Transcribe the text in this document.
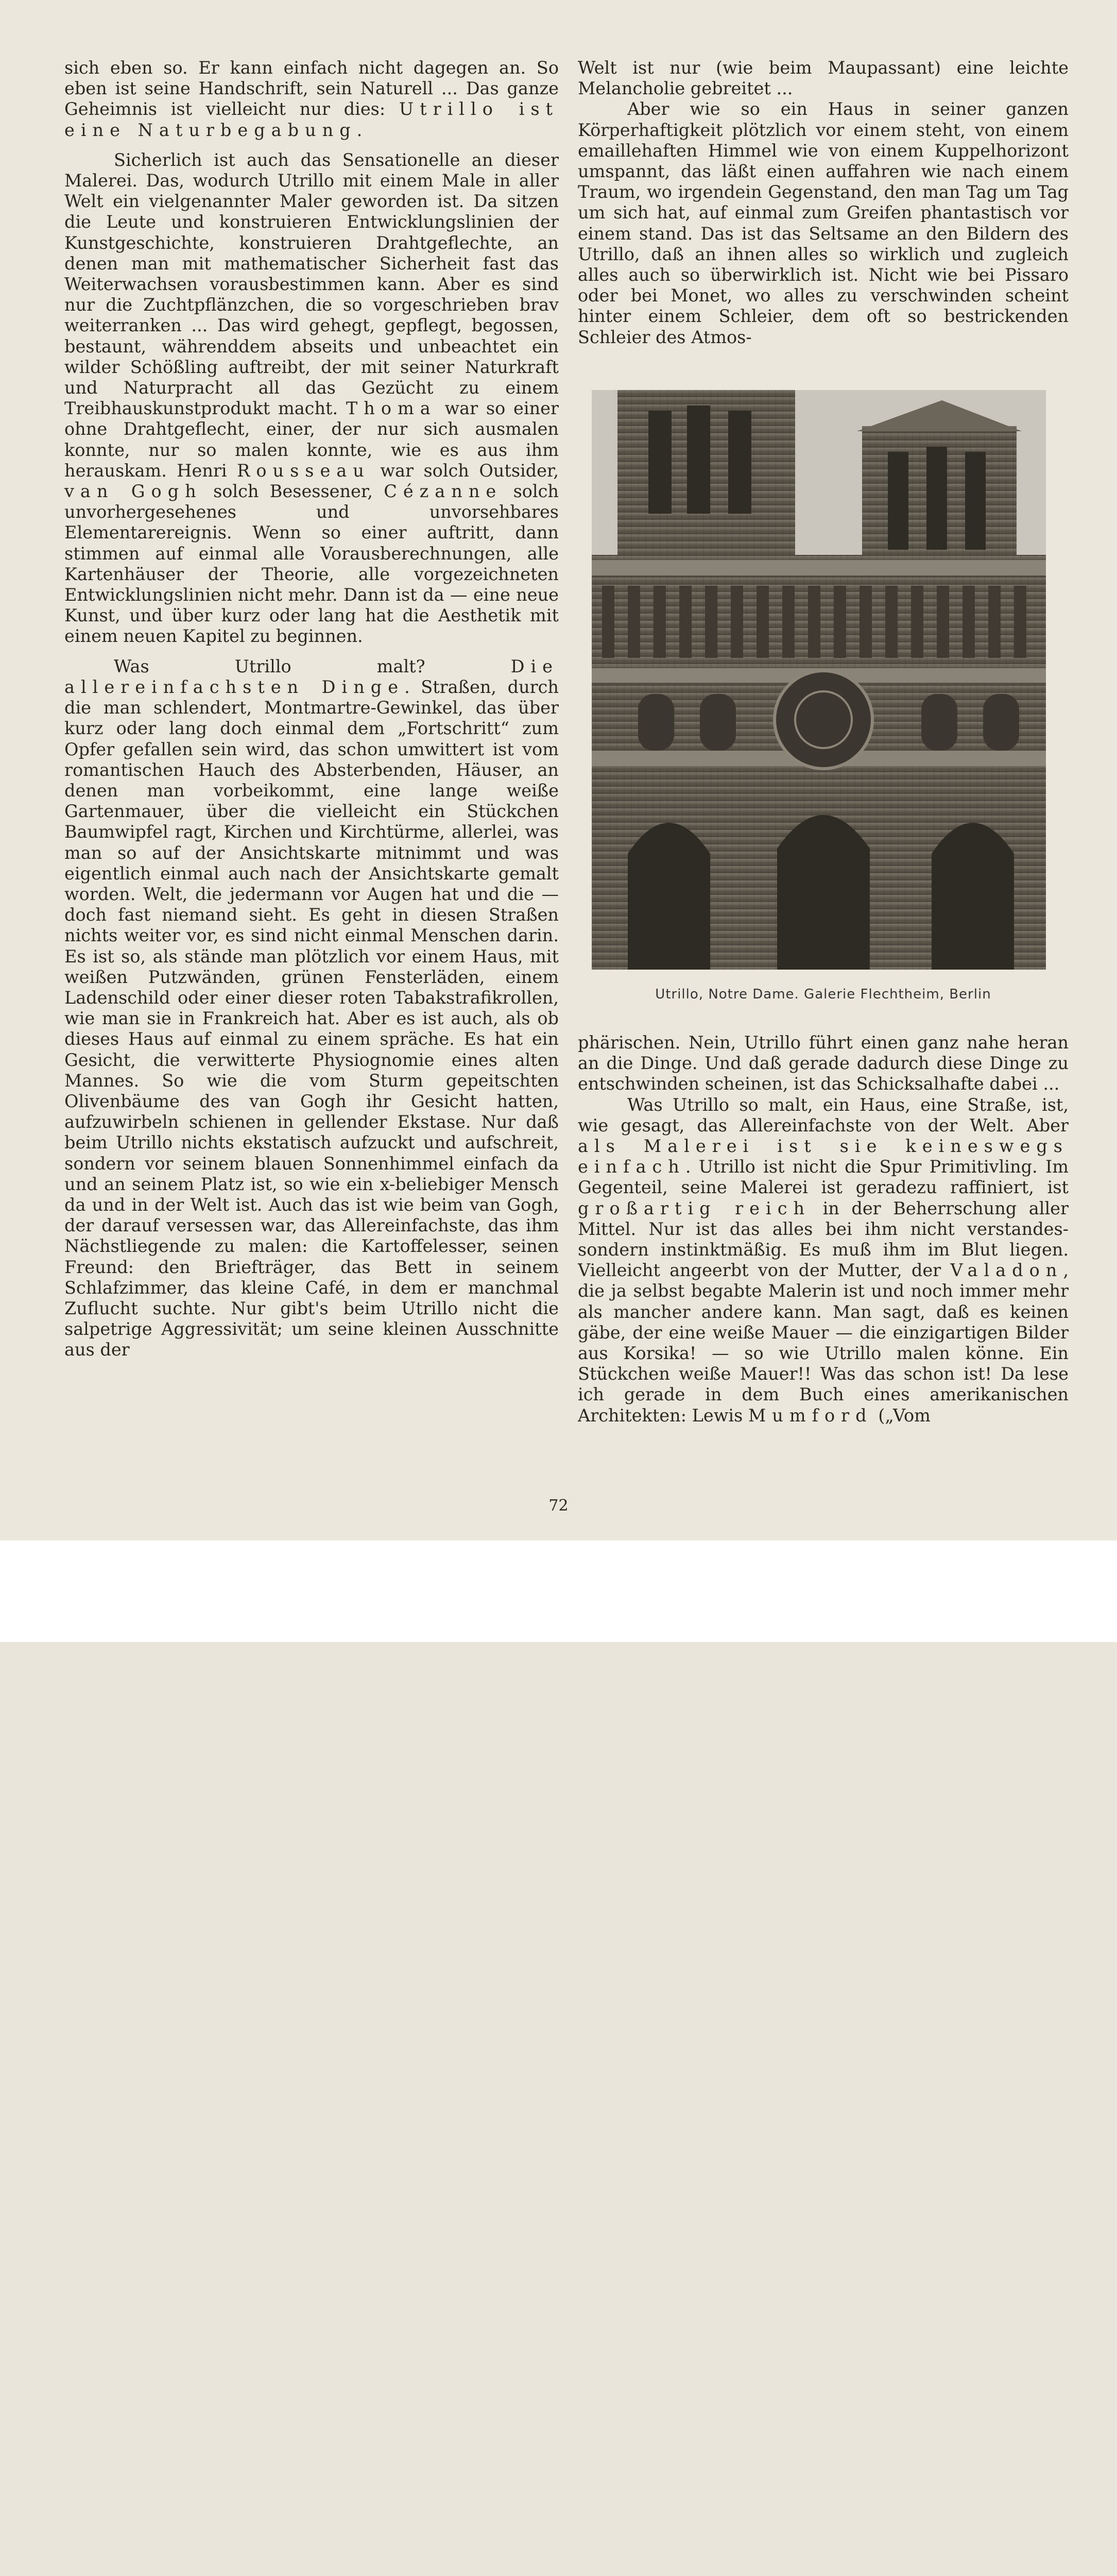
sich eben so. Er kann einfach nicht dagegen an. So eben ist seine Handschrift, sein Naturell ... Das ganze Geheimnis ist vielleicht nur dies: Utrillo ist eine Naturbegabung.

Sicherlich ist auch das Sensationelle an dieser Malerei. Das, wodurch Utrillo mit einem Male in aller Welt ein vielgenannter Maler geworden ist. Da sitzen die Leute und konstruieren Entwicklungslinien der Kunstgeschichte, konstruieren Drahtgeflechte, an denen man mit mathematischer Sicherheit fast das Weiterwachsen vorausbestimmen kann. Aber es sind nur die Zuchtpflänzchen, die so vorgeschrieben brav weiterranken ... Das wird gehegt, gepflegt, begossen, bestaunt, währenddem abseits und unbeachtet ein wilder Schößling auftreibt, der mit seiner Naturkraft und Naturpracht all das Gezücht zu einem Treibhauskunstprodukt macht. Thoma war so einer ohne Drahtgeflecht, einer, der nur sich ausmalen konnte, nur so malen konnte, wie es aus ihm herauskam. Henri Rousseau war solch Outsider, van Gogh solch Besessener, Cézanne solch unvorhergesehenes und unvorsehbares Elementarereignis. Wenn so einer auftritt, dann stimmen auf einmal alle Vorausberechnungen, alle Kartenhäuser der Theorie, alle vorgezeichneten Entwicklungslinien nicht mehr. Dann ist da — eine neue Kunst, und über kurz oder lang hat die Aesthetik mit einem neuen Kapitel zu beginnen.

Was Utrillo malt? Die allereinfachsten Dinge. Straßen, durch die man schlendert, Montmartre-Gewinkel, das über kurz oder lang doch einmal dem „Fortschritt“ zum Opfer gefallen sein wird, das schon umwittert ist vom romantischen Hauch des Absterbenden, Häuser, an denen man vorbeikommt, eine lange weiße Gartenmauer, über die vielleicht ein Stückchen Baumwipfel ragt, Kirchen und Kirchtürme, allerlei, was man so auf der Ansichtskarte mitnimmt und was eigentlich einmal auch nach der Ansichtskarte gemalt worden. Welt, die jedermann vor Augen hat und die — doch fast niemand sieht. Es geht in diesen Straßen nichts weiter vor, es sind nicht einmal Menschen darin. Es ist so, als stände man plötzlich vor einem Haus, mit weißen Putzwänden, grünen Fensterläden, einem Ladenschild oder einer dieser roten Tabakstrafikrollen, wie man sie in Frankreich hat. Aber es ist auch, als ob dieses Haus auf einmal zu einem spräche. Es hat ein Gesicht, die verwitterte Physiognomie eines alten Mannes. So wie die vom Sturm gepeitschten Olivenbäume des van Gogh ihr Gesicht hatten, aufzuwirbeln schienen in gellender Ekstase. Nur daß beim Utrillo nichts ekstatisch aufzuckt und aufschreit, sondern vor seinem blauen Sonnenhimmel einfach da und an seinem Platz ist, so wie ein x-beliebiger Mensch da und in der Welt ist. Auch das ist wie beim van Gogh, der darauf versessen war, das Allereinfachste, das ihm Nächstliegende zu malen: die Kartoffelesser, seinen Freund: den Briefträger, das Bett in seinem Schlafzimmer, das kleine Café, in dem er manchmal Zuflucht suchte. Nur gibt's beim Utrillo nicht die salpetrige Aggressivität; um seine kleinen Ausschnitte aus der

Welt ist nur (wie beim Maupassant) eine leichte Melancholie gebreitet ...

Aber wie so ein Haus in seiner ganzen Körperhaftigkeit plötzlich vor einem steht, von einem emaillehaften Himmel wie von einem Kuppelhorizont umspannt, das läßt einen auffahren wie nach einem Traum, wo irgendein Gegenstand, den man Tag um Tag um sich hat, auf einmal zum Greifen phantastisch vor einem stand. Das ist das Seltsame an den Bildern des Utrillo, daß an ihnen alles so wirklich und zugleich alles auch so überwirklich ist. Nicht wie bei Pissaro oder bei Monet, wo alles zu verschwinden scheint hinter einem Schleier, dem oft so bestrickenden Schleier des Atmos-

Utrillo, Notre Dame. Galerie Flechtheim, Berlin

phärischen. Nein, Utrillo führt einen ganz nahe heran an die Dinge. Und daß gerade dadurch diese Dinge zu entschwinden scheinen, ist das Schicksalhafte dabei ...

Was Utrillo so malt, ein Haus, eine Straße, ist, wie gesagt, das Allereinfachste von der Welt. Aber als Malerei ist sie keineswegs einfach. Utrillo ist nicht die Spur Primitivling. Im Gegenteil, seine Malerei ist geradezu raffiniert, ist großartig reich in der Beherrschung aller Mittel. Nur ist das alles bei ihm nicht verstandes- sondern instinktmäßig. Es muß ihm im Blut liegen. Vielleicht angeerbt von der Mutter, der Valadon, die ja selbst begabte Malerin ist und noch immer mehr als mancher andere kann. Man sagt, daß es keinen gäbe, der eine weiße Mauer — die einzigartigen Bilder aus Korsika! — so wie Utrillo malen könne. Ein Stückchen weiße Mauer!! Was das schon ist! Da lese ich gerade in dem Buch eines amerikanischen Architekten: Lewis Mumford („Vom

72
